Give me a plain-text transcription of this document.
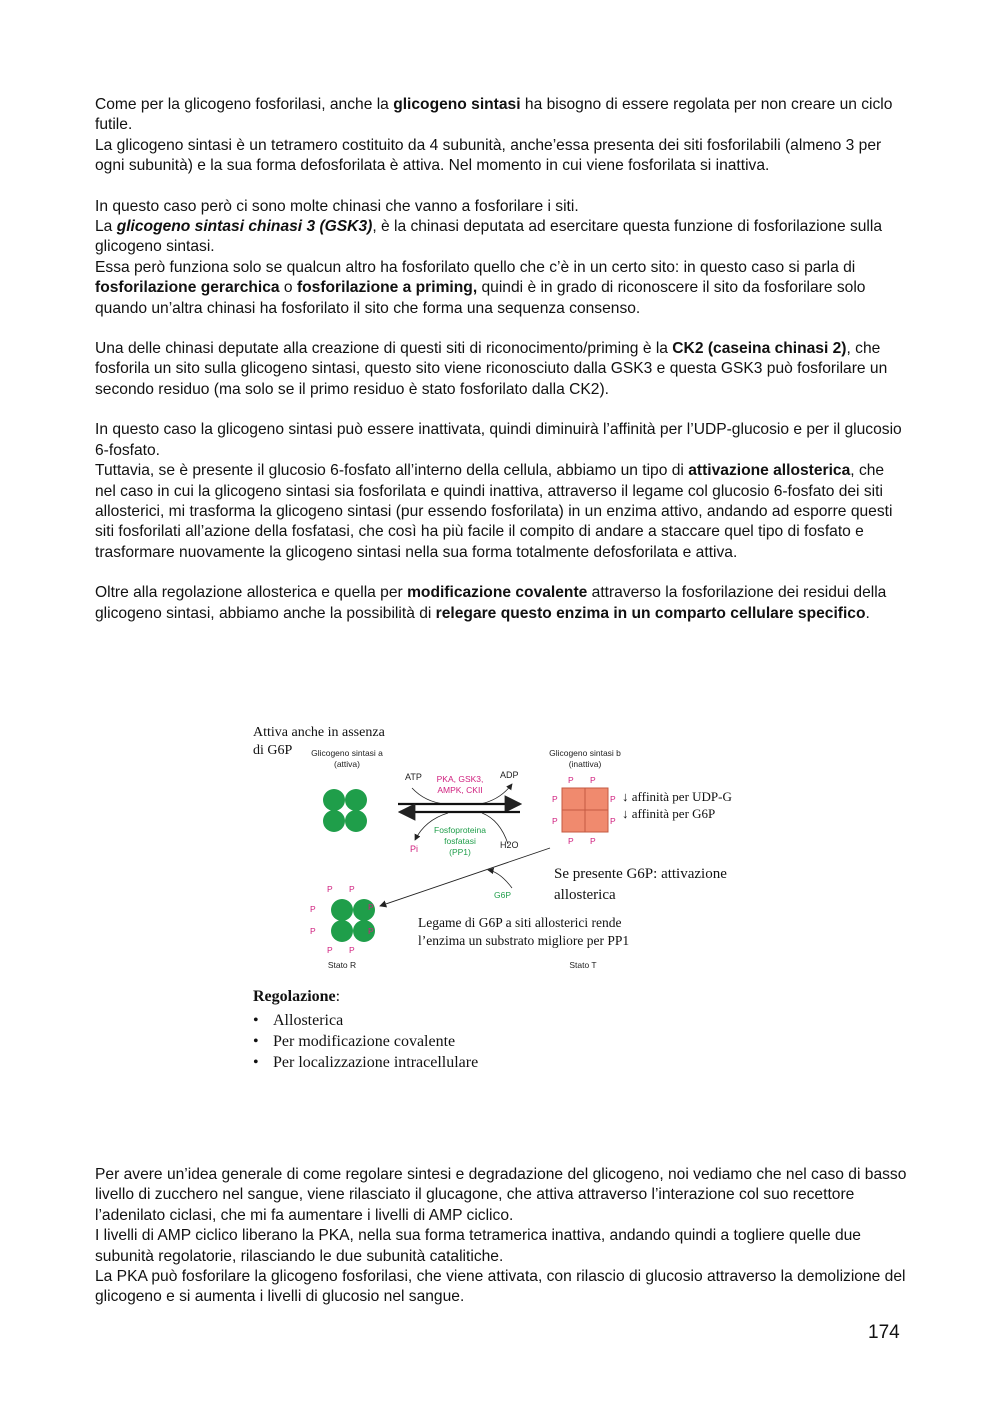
Come per la glicogeno fosforilasi, anche la glicogeno sintasi ha bisogno di essere regolata per non creare un ciclo futile.

La glicogeno sintasi è un tetramero costituito da 4 subunità, anche’essa presenta dei siti fosforilabili (almeno 3 per ogni subunità) e la sua forma defosforilata è attiva. Nel momento in cui viene fosforilata si inattiva.

In questo caso però ci sono molte chinasi che vanno a fosforilare i siti.

La glicogeno sintasi chinasi 3 (GSK3), è la chinasi deputata ad esercitare questa funzione di fosforilazione sulla glicogeno sintasi.

Essa però funziona solo se qualcun altro ha fosforilato quello che c’è in un certo sito: in questo caso si parla di fosforilazione gerarchica o fosforilazione a priming, quindi è in grado di riconoscere il sito da fosforilare solo quando un’altra chinasi ha fosforilato il sito che forma una sequenza consenso.

Una delle chinasi deputate alla creazione di questi siti di riconocimento/priming è la CK2 (caseina chinasi 2), che fosforila un sito sulla glicogeno sintasi, questo sito viene riconosciuto dalla GSK3 e questa GSK3 può fosforilare un secondo residuo (ma solo se il primo residuo è stato fosforilato dalla CK2).

In questo caso la glicogeno sintasi può essere inattivata, quindi diminuirà l’affinità per l’UDP-glucosio e per il glucosio 6-fosfato.

Tuttavia, se è presente il glucosio 6-fosfato all’interno della cellula, abbiamo un tipo di attivazione allosterica, che nel caso in cui la glicogeno sintasi sia fosforilata e quindi inattiva, attraverso il legame col glucosio 6-fosfato dei siti allosterici, mi trasforma la glicogeno sintasi (pur essendo fosforilata) in un enzima attivo, andando ad esporre questi siti fosforilati all’azione della fosfatasi, che così ha più facile il compito di andare a staccare quel tipo di fosfato e trasformare nuovamente la glicogeno sintasi nella sua forma totalmente defosforilata e attiva.

Oltre alla regolazione allosterica e quella per modificazione covalente attraverso la fosforilazione dei residui della glicogeno sintasi, abbiamo anche la possibilità di relegare questo enzima in un comparto cellulare specifico.

Attiva anche in assenza
di G6P Glicogeno sintasi a
(attiva)
ATP	ADP
PKA, GSK3,
AMPK, CKII
Fosfoproteina
fosfatasi
(PP1)
Pi	H2O
Glicogeno sintasi b
(inattiva)
P P
P	P
P	P
P P
↓ affinità per UDP-G
↓ affinità per G6P
G6P
Se presente G6P: attivazione
allosterica
P P
P	P
P	P
P P
Legame di G6P a siti allosterici rende
l’enzima un substrato migliore per PP1
Stato R	Stato T
Regolazione:
• Allosterica
• Per modificazione covalente
• Per localizzazione intracellulare

Per avere un’idea generale di come regolare sintesi e degradazione del glicogeno, noi vediamo che nel caso di basso livello di zucchero nel sangue, viene rilasciato il glucagone, che attiva attraverso l’interazione col suo recettore l’adenilato ciclasi, che mi fa aumentare i livelli di AMP ciclico.

I livelli di AMP ciclico liberano la PKA, nella sua forma tetramerica inattiva, andando quindi a togliere quelle due subunità regolatorie, rilasciando le due subunità catalitiche.

La PKA può fosforilare la glicogeno fosforilasi, che viene attivata, con rilascio di glucosio attraverso la demolizione del glicogeno e si aumenta i livelli di glucosio nel sangue.

174
